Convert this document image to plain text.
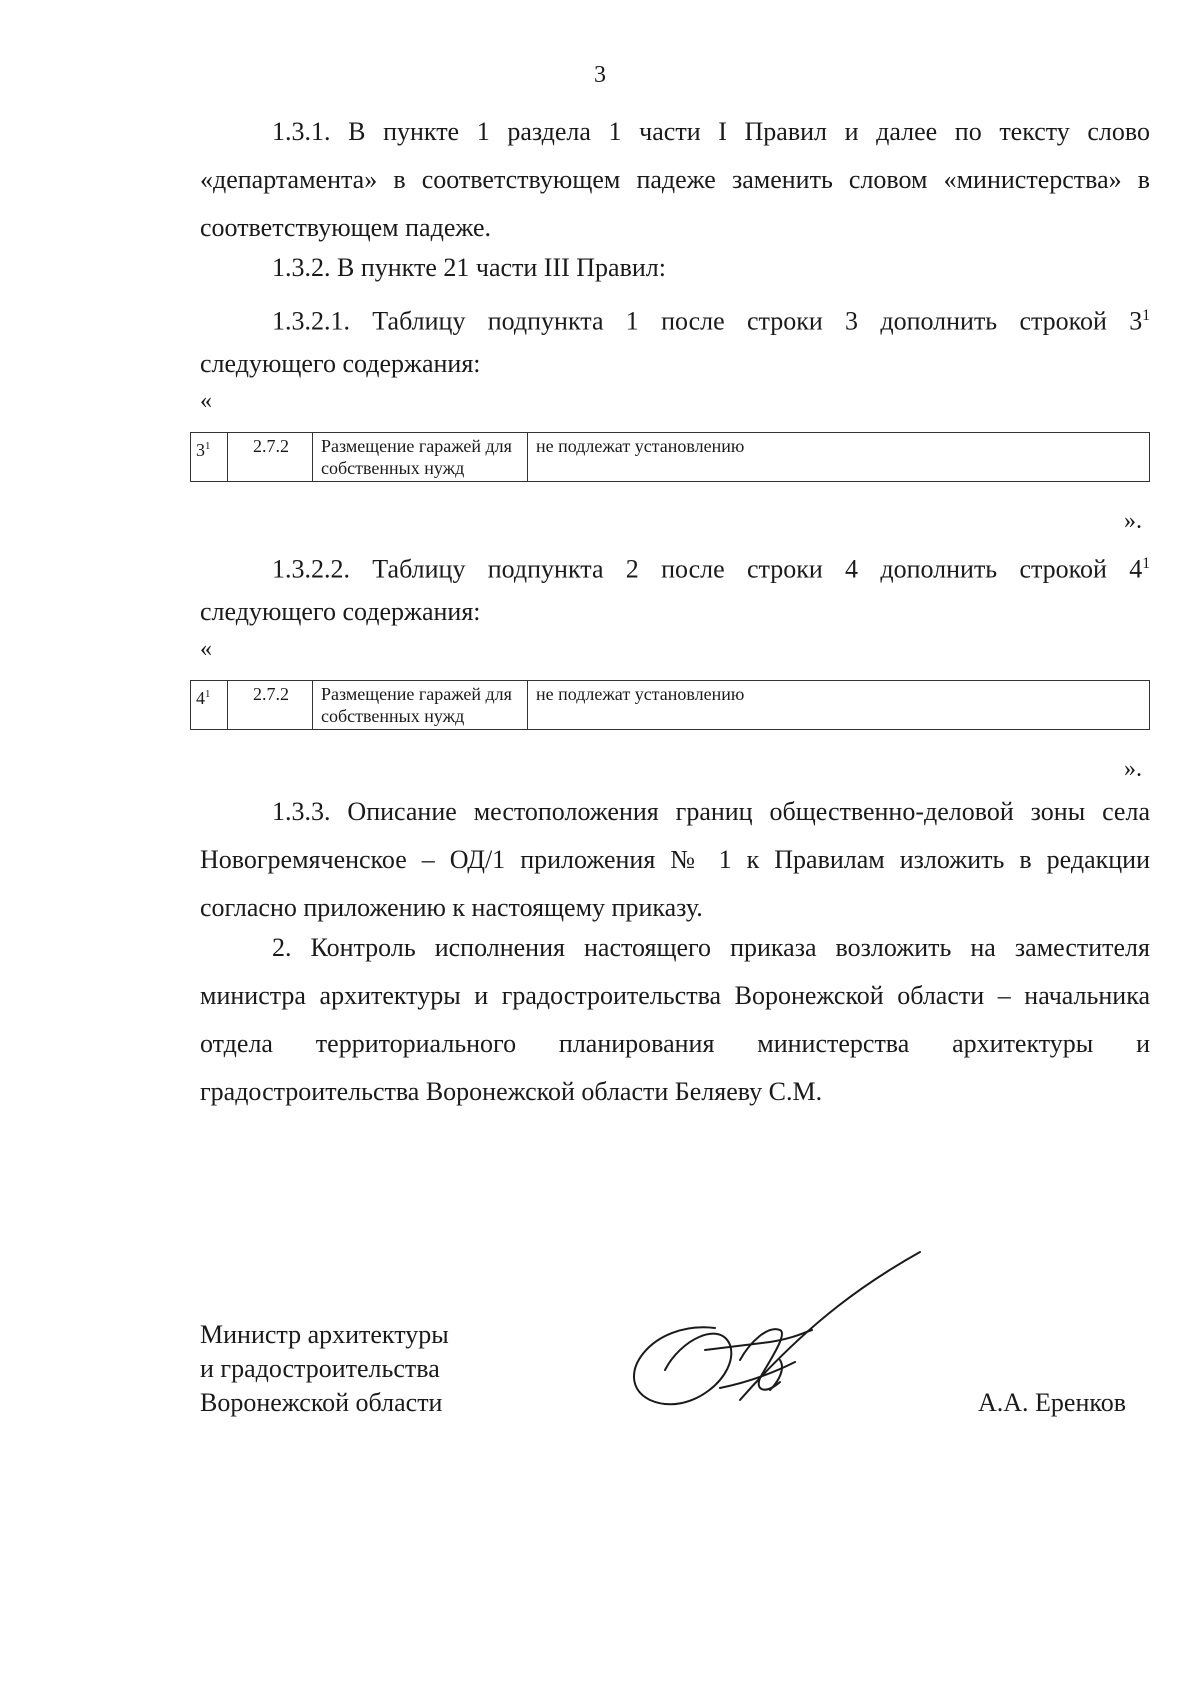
3

1.3.1. В пункте 1 раздела 1 части I Правил и далее по тексту слово «департамента» в соответствующем падеже заменить словом «министерства» в соответствующем падеже.

1.3.2. В пункте 21 части III Правил:

1.3.2.1. Таблицу подпункта 1 после строки 3 дополнить строкой $3^1$
следующего содержания:
«
$3^1$	2.7.2	Размещение гаражей для собственных нужд	не подлежат установлению
».
1.3.2.2. Таблицу подпункта 2 после строки 4 дополнить строкой $4^1$
следующего содержания:
«
$4^1$	2.7.2	Размещение гаражей для собственных нужд	не подлежат установлению
».

1.3.3. Описание местоположения границ общественно-деловой зоны села Новогремяченское – ОД/1 приложения № 1 к Правилам изложить в редакции согласно приложению к настоящему приказу.

2. Контроль исполнения настоящего приказа возложить на заместителя министра архитектуры и градостроительства Воронежской области – начальника отдела территориального планирования министерства архитектуры и градостроительства Воронежской области Беляеву С.М.

Министр архитектуры
и градостроительства
Воронежской области	А.А. Еренков
